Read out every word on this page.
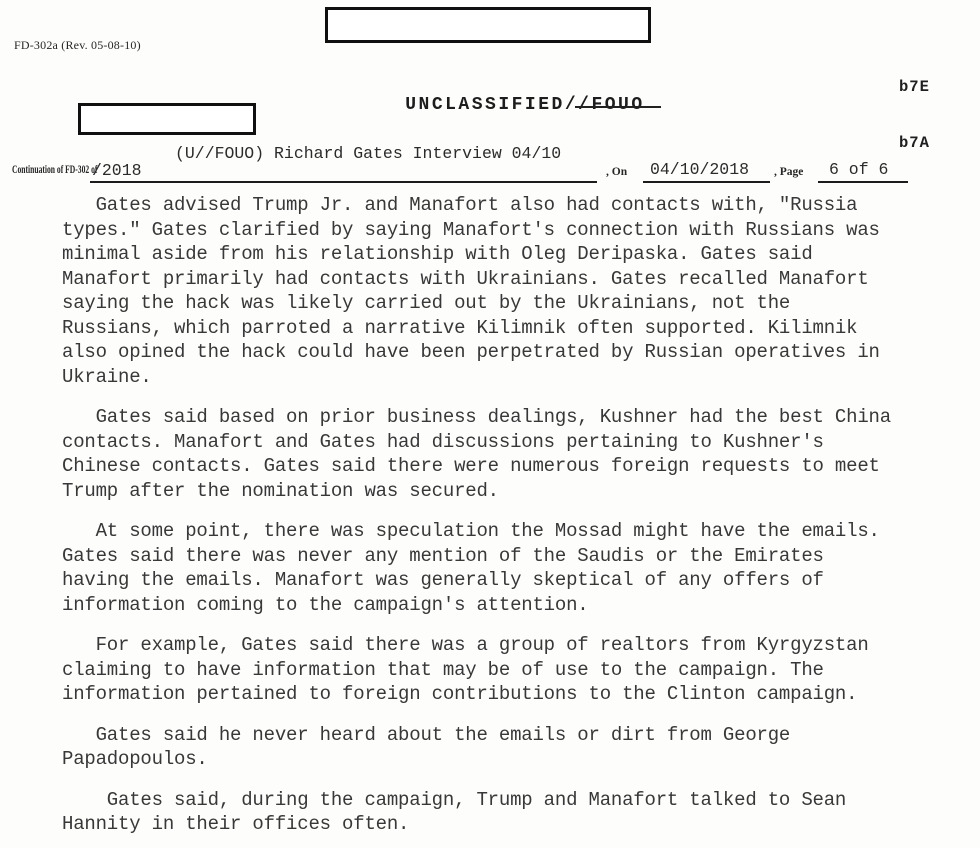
FD-302a (Rev. 05-08-10)

b7E

b7A

UNCLASSIFIED//FOUO

(U//FOUO) Richard Gates Interview 04/10
Continuation of FD-302 of
/2018	, On 04/10/2018 , Page 6 of 6
Gates advised Trump Jr. and Manafort also had contacts with, "Russia
types." Gates clarified by saying Manafort's connection with Russians was
minimal aside from his relationship with Oleg Deripaska. Gates said
Manafort primarily had contacts with Ukrainians. Gates recalled Manafort
saying the hack was likely carried out by the Ukrainians, not the
Russians, which parroted a narrative Kilimnik often supported. Kilimnik
also opined the hack could have been perpetrated by Russian operatives in
Ukraine.
Gates said based on prior business dealings, Kushner had the best China
contacts. Manafort and Gates had discussions pertaining to Kushner's
Chinese contacts. Gates said there were numerous foreign requests to meet
Trump after the nomination was secured.
At some point, there was speculation the Mossad might have the emails.
Gates said there was never any mention of the Saudis or the Emirates
having the emails. Manafort was generally skeptical of any offers of
information coming to the campaign's attention.
For example, Gates said there was a group of realtors from Kyrgyzstan
claiming to have information that may be of use to the campaign. The
information pertained to foreign contributions to the Clinton campaign.
Gates said he never heard about the emails or dirt from George
Papadopoulos.
Gates said, during the campaign, Trump and Manafort talked to Sean
Hannity in their offices often.
